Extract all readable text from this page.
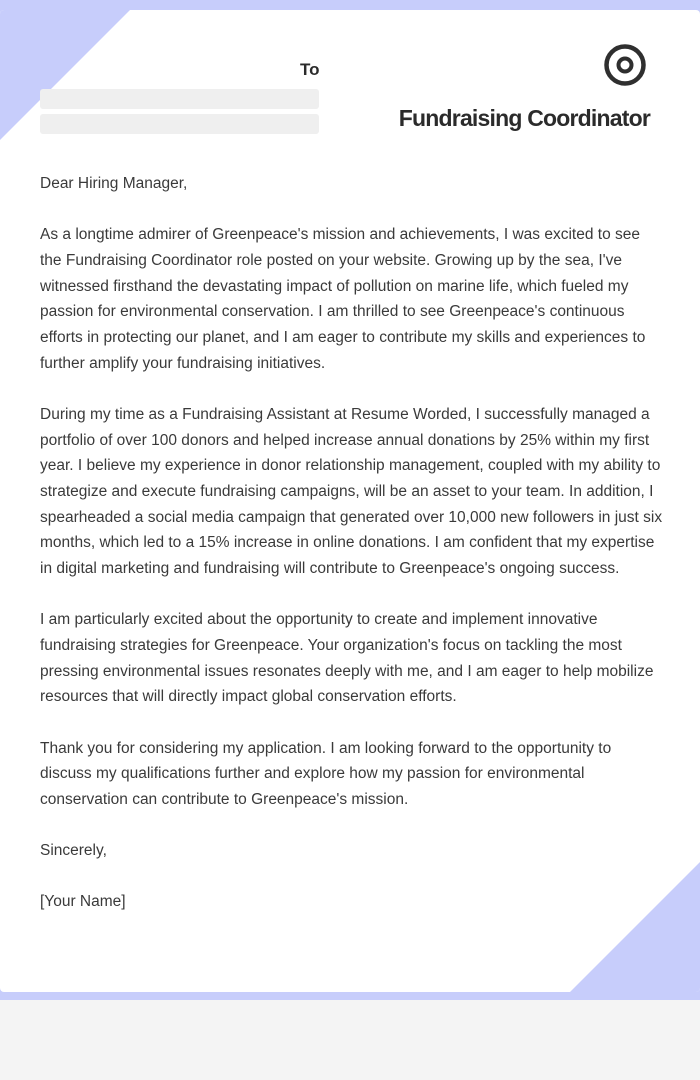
To
Fundraising Coordinator

Dear Hiring Manager,

As a longtime admirer of Greenpeace's mission and achievements, I was excited to see the Fundraising Coordinator role posted on your website. Growing up by the sea, I've witnessed firsthand the devastating impact of pollution on marine life, which fueled my passion for environmental conservation. I am thrilled to see Greenpeace's continuous efforts in protecting our planet, and I am eager to contribute my skills and experiences to further amplify your fundraising initiatives.

During my time as a Fundraising Assistant at Resume Worded, I successfully managed a portfolio of over 100 donors and helped increase annual donations by 25% within my first year. I believe my experience in donor relationship management, coupled with my ability to strategize and execute fundraising campaigns, will be an asset to your team. In addition, I spearheaded a social media campaign that generated over 10,000 new followers in just six months, which led to a 15% increase in online donations. I am confident that my expertise in digital marketing and fundraising will contribute to Greenpeace's ongoing success.

I am particularly excited about the opportunity to create and implement innovative fundraising strategies for Greenpeace. Your organization's focus on tackling the most pressing environmental issues resonates deeply with me, and I am eager to help mobilize resources that will directly impact global conservation efforts.

Thank you for considering my application. I am looking forward to the opportunity to discuss my qualifications further and explore how my passion for environmental conservation can contribute to Greenpeace's mission.

Sincerely,

[Your Name]
